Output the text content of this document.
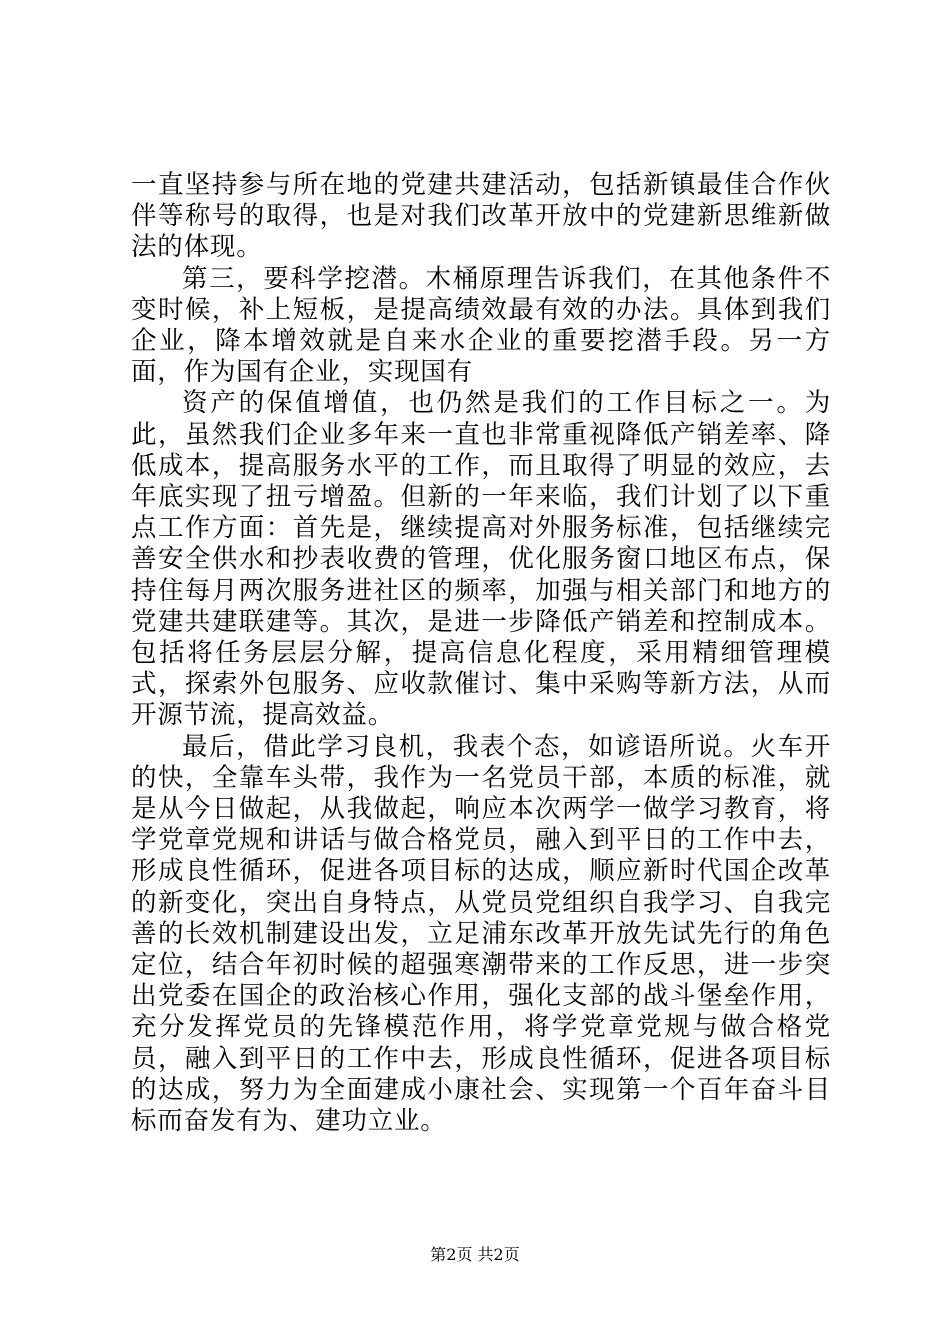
一直坚持参与所在地的党建共建活动，包括新镇最佳合作伙伴等称号的取得，也是对我们改革开放中的党建新思维新做法的体现。

第三，要科学挖潜。木桶原理告诉我们，在其他条件不变时候，补上短板，是提高绩效最有效的办法。具体到我们企业，降本增效就是自来水企业的重要挖潜手段。另一方面，作为国有企业，实现国有

资产的保值增值，也仍然是我们的工作目标之一。为此，虽然我们企业多年来一直也非常重视降低产销差率、降低成本，提高服务水平的工作，而且取得了明显的效应，去年底实现了扭亏增盈。但新的一年来临，我们计划了以下重点工作方面：首先是，继续提高对外服务标准，包括继续完善安全供水和抄表收费的管理，优化服务窗口地区布点，保持住每月两次服务进社区的频率，加强与相关部门和地方的党建共建联建等。其次，是进一步降低产销差和控制成本。包括将任务层层分解，提高信息化程度，采用精细管理模式，探索外包服务、应收款催讨、集中采购等新方法，从而开源节流，提高效益。

最后，借此学习良机，我表个态，如谚语所说。火车开的快，全靠车头带，我作为一名党员干部，本质的标准，就是从今日做起，从我做起，响应本次两学一做学习教育，将学党章党规和讲话与做合格党员，融入到平日的工作中去，形成良性循环，促进各项目标的达成，顺应新时代国企改革的新变化，突出自身特点，从党员党组织自我学习、自我完善的长效机制建设出发，立足浦东改革开放先试先行的角色定位，结合年初时候的超强寒潮带来的工作反思，进一步突出党委在国企的政治核心作用，强化支部的战斗堡垒作用，充分发挥党员的先锋模范作用，将学党章党规与做合格党员，融入到平日的工作中去，形成良性循环，促进各项目标的达成，努力为全面建成小康社会、实现第一个百年奋斗目标而奋发有为、建功立业。

第2页 共2页
